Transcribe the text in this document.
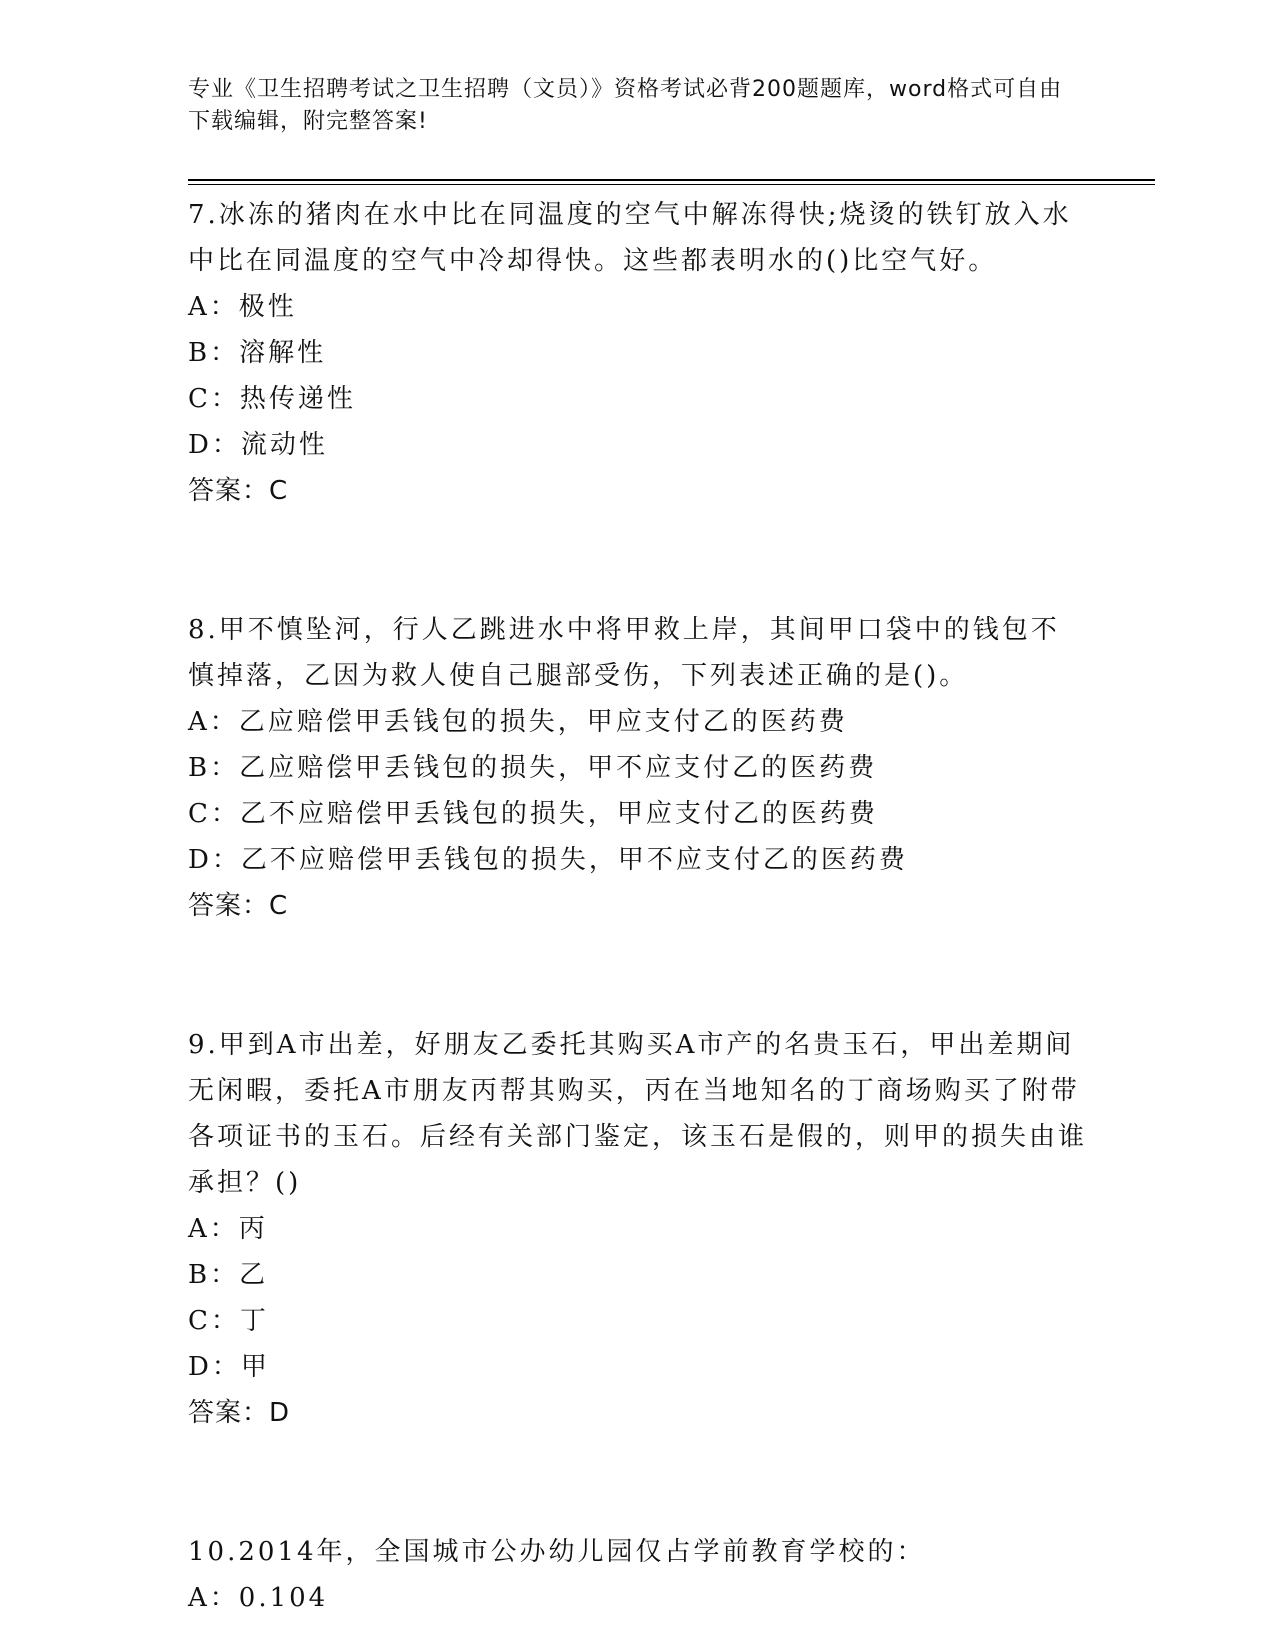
专业《卫生招聘考试之卫生招聘（文员）》资格考试必背200题题库，word格式可自由下载编辑，附完整答案!
7.冰冻的猪肉在水中比在同温度的空气中解冻得快;烧烫的铁钉放入水中比在同温度的空气中冷却得快。这些都表明水的()比空气好。
A：极性
B：溶解性
C：热传递性
D：流动性
答案：C
8.甲不慎坠河，行人乙跳进水中将甲救上岸，其间甲口袋中的钱包不慎掉落，乙因为救人使自己腿部受伤，下列表述正确的是()。
A：乙应赔偿甲丢钱包的损失，甲应支付乙的医药费
B：乙应赔偿甲丢钱包的损失，甲不应支付乙的医药费
C：乙不应赔偿甲丢钱包的损失，甲应支付乙的医药费
D：乙不应赔偿甲丢钱包的损失，甲不应支付乙的医药费
答案：C
9.甲到A市出差，好朋友乙委托其购买A市产的名贵玉石，甲出差期间无闲暇，委托A市朋友丙帮其购买，丙在当地知名的丁商场购买了附带各项证书的玉石。后经有关部门鉴定，该玉石是假的，则甲的损失由谁承担？()
A：丙
B：乙
C：丁
D：甲
答案：D
10.2014年，全国城市公办幼儿园仅占学前教育学校的：
A：0.104
